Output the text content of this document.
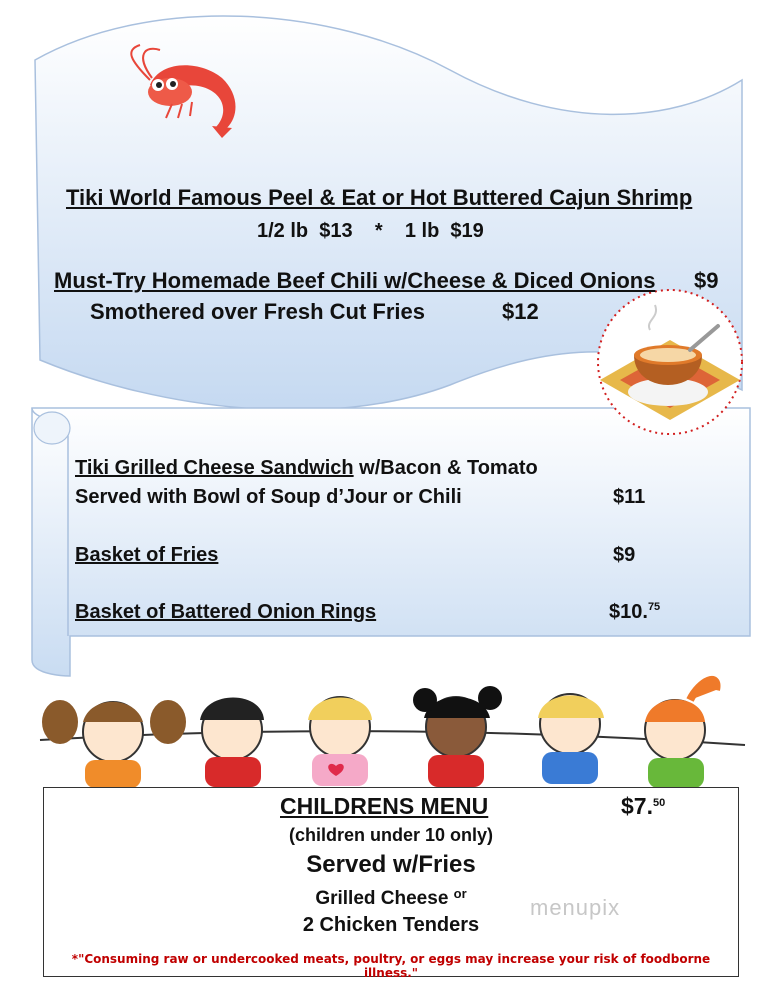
Tiki World Famous Peel & Eat or Hot Buttered Cajun Shrimp
1/2 lb  $13    *    1 lb  $19
Must-Try Homemade Beef Chili w/Cheese & Diced Onions $9
Smothered over Fresh Cut Fries	$12
Tiki Grilled Cheese Sandwich w/Bacon & Tomato
Served with Bowl of Soup d’Jour or Chili	$11
Basket of Fries	$9
Basket of Battered Onion Rings	$10.75
CHILDRENS MENU	$7.50
(children under 10 only)
Served w/Fries
Grilled Cheese $^{or}$
2 Chicken Tenders
menupix
*"Consuming raw or undercooked meats, poultry, or eggs may increase your risk of foodborne illness."
